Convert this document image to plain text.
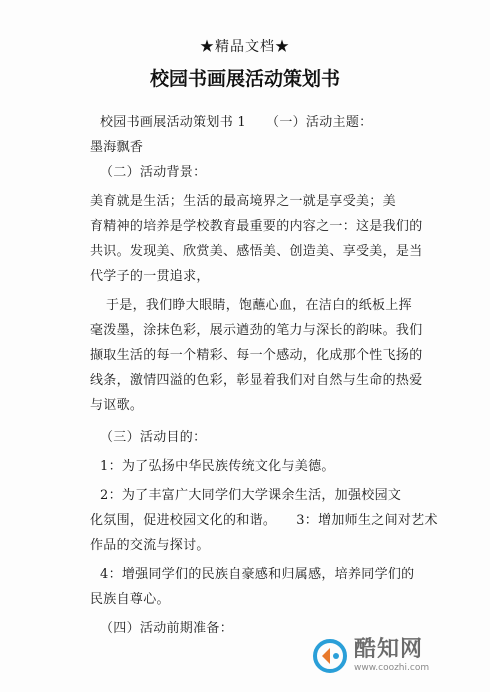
★精品文档★
校园书画展活动策划书
校园书画展活动策划书 1 （一）活动主题：
墨海飘香
（二）活动背景：
美育就是生活；生活的最高境界之一就是享受美；美
育精神的培养是学校教育最重要的内容之一：这是我们的
共识。发现美、欣赏美、感悟美、创造美、享受美，是当
代学子的一贯追求，
于是，我们睁大眼睛，饱蘸心血，在洁白的纸板上挥
毫泼墨，涂抹色彩，展示遒劲的笔力与深长的韵味。我们
撷取生活的每一个精彩、每一个感动，化成那个性飞扬的
线条，激情四溢的色彩，彰显着我们对自然与生命的热爱
与讴歌。
（三）活动目的：
1：为了弘扬中华民族传统文化与美德。
2：为了丰富广大同学们大学课余生活，加强校园文
化氛围，促进校园文化的和谐。 3：增加师生之间对艺术
作品的交流与探讨。
4：增强同学们的民族自豪感和归属感，培养同学们的
民族自尊心。
（四）活动前期准备：
酷知网
www.coozhi.com
